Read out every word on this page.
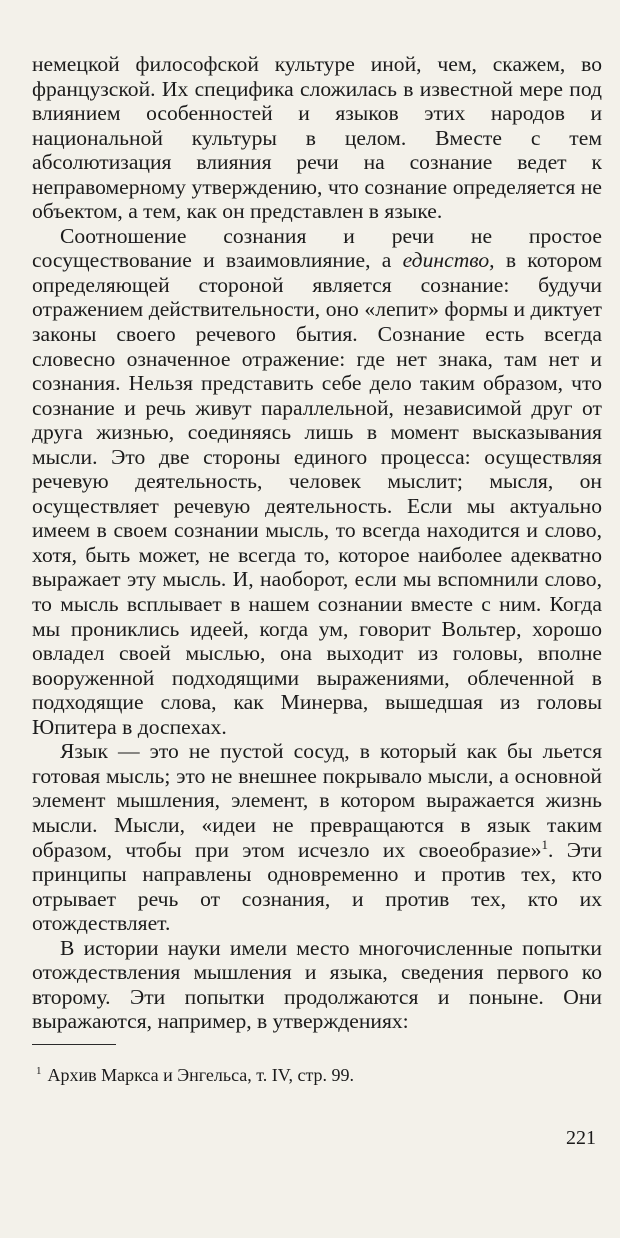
немецкой философской культуре иной, чем, скажем, во французской. Их специфика сложилась в известной мере под влиянием особенностей и языков этих народов и национальной культуры в целом. Вместе с тем абсолютизация влияния речи на сознание ведет к неправомерному утверждению, что сознание определяется не объектом, а тем, как он представлен в языке.

Соотношение сознания и речи не простое сосуществование и взаимовлияние, а единство, в котором определяющей стороной является сознание: будучи отражением действительности, оно «лепит» формы и диктует законы своего речевого бытия. Сознание есть всегда словесно означенное отражение: где нет знака, там нет и сознания. Нельзя представить себе дело таким образом, что сознание и речь живут параллельной, независимой друг от друга жизнью, соединяясь лишь в момент высказывания мысли. Это две стороны единого процесса: осуществляя речевую деятельность, человек мыслит; мысля, он осуществляет речевую деятельность. Если мы актуально имеем в своем сознании мысль, то всегда находится и слово, хотя, быть может, не всегда то, которое наиболее адекватно выражает эту мысль. И, наоборот, если мы вспомнили слово, то мысль всплывает в нашем сознании вместе с ним. Когда мы прониклись идеей, когда ум, говорит Вольтер, хорошо овладел своей мыслью, она выходит из головы, вполне вооруженной подходящими выражениями, облеченной в подходящие слова, как Минерва, вышедшая из головы Юпитера в доспехах.

Язык — это не пустой сосуд, в который как бы льется готовая мысль; это не внешнее покрывало мысли, а основной элемент мышления, элемент, в котором выражается жизнь мысли. Мысли, «идеи не превращаются в язык таким образом, чтобы при этом исчезло их своеобразие»$^1$. Эти принципы направлены одновременно и против тех, кто отрывает речь от сознания, и против тех, кто их отождествляет.

В истории науки имели место многочисленные попытки отождествления мышления и языка, сведения первого ко второму. Эти попытки продолжаются и поныне. Они выражаются, например, в утверждениях:

$^1$ Архив Маркса и Энгельса, т. IV, стр. 99.
221
